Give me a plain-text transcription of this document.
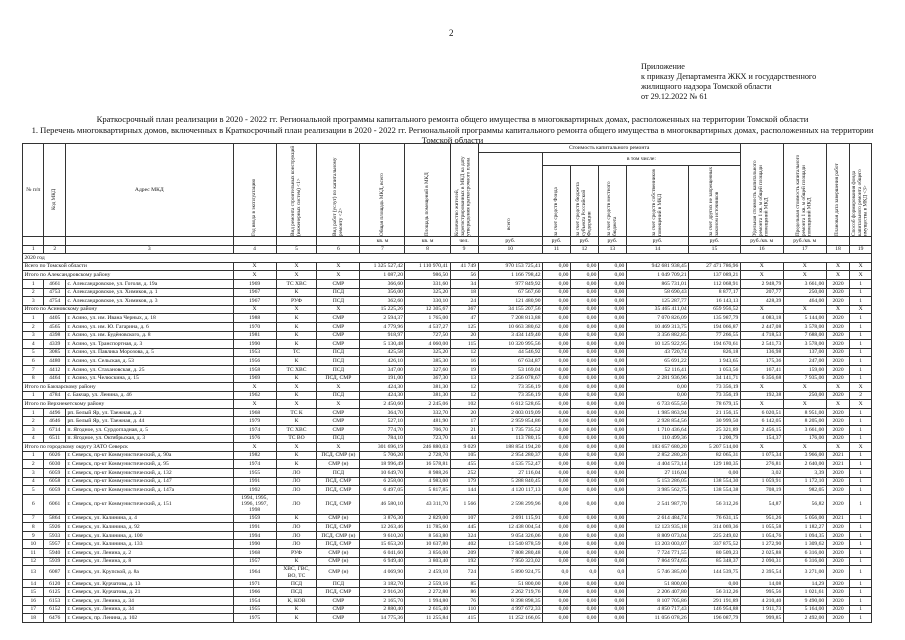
2
Приложение
к приказу Департамента ЖКХ и государственного
жилищного надзора Томской области
от 29.12.2022 № 61
Краткосрочный план реализации в 2020 - 2022 гг. Региональной программы капитального ремонта общего имущества в многоквартирных домах, расположенных на территории Томской области
1. Перечень многоквартирных домов, включенных в Краткосрочный план реализации в 2020 - 2022 гг. Региональной программы капитального ремонта общего имущества в многоквартирных домах, расположенных на территории Томской области
№ п/п	Код МКД	Адрес МКД	Год ввода в эксплуатацию	Вид ремонта строительных конструкций (инженерных систем) <1>	Вид работ (услуг) по капитальному ремонту <2>	Общая площадь МКД, всего	Площадь помещений в МКД	Количество жителей, зарегистрированных в МКД на дату утверждения краткосрочного плана	Стоимость капитального ремонта						Удельная стоимость капитального ремонта 1 кв. м общей площади помещений МКД	Предельная стоимость капитального ремонта 1 кв. м общей площади помещений МКД	Плановая дата завершения работ	Способ формирования фонда капитального ремонта общего имущества в МКД <3>

									всего	в том числе:								

										за счет средств Фонда	за счет средств бюджета субъекта Российской Федерации	за счет средств местного бюджета	за счет средств собственников помещений в МКД	за счет других не запрещенных законом источников				

						кв. м	кв. м	чел.	руб.	руб.	руб.	руб.	руб.	руб.	руб./кв. м	руб./кв. м		
1	2	3	4	5	6	7	8	9	10	11	12	13	14	15	16	17	18	19
2020 год																		
Всего по Томской области			X	X	X	1 325 527,42	1 110 970,41	41 749	970 153 725,41	0,00	0,00	0,00	942 681 938,45	27 471 786,96	X	X	X	X
Итого по Александровскому району			X	X	X	1 087,20	986,50	56	1 166 798,42	0,00	0,00	0,00	1 049 709,21	137 089,21	X	X	X	X
1	4661	с. Александровское, ул. Гоголя, д. 19а	1969	ТС ХВС	СМР	366,60	331,60	34	977 849,92	0,00	0,00	0,00	865 731,01	112 068,91	2 948,79	3 661,00	2020	1
2	4753	с. Александровское, ул. Химиков, д. 1	1967	К	ПСД	356,00	325,20	18	67 567,60	0,00	0,00	0,00	58 690,43	8 877,17	207,77	250,00	2020	1
3	4754	с. Александровское, ул. Химиков, д. 3	1967	РУФ	ПСД	362,60	330,10	24	121 480,90	0,00	0,00	0,00	125 287,77	16 143,13	428,39	464,00	2020	1
Итого по Асиновскому району			X	X	X	15 225,26	12 305,67	367	34 155 207,56	0,00	0,00	0,00	35 465 411,04	659 956,52	X	X	X	X
1	4405	г. Асино, ул. им. Ивана Черных, д. 18	1988	К	СМР	2 594,37	1 765,00	47	7 208 813,88	0,00	0,00	0,00	7 070 826,09	135 987,79	4 083,18	5 144,00	2020	1
2	4565	г. Асино, ул. им. Ю. Гагарина, д. 6	1970	К	СМР	4 779,96	4 537,27	125	10 663 380,62	0,00	0,00	0,00	10 469 313,75	194 066,87	2 447,08	3 578,00	2020	1
3	4398	г. Асино, ул. им. Будёновского, д. 8	1981	К	СМР	918,97	727,50	20	3 434 149,40	0,00	0,00	0,00	3 356 882,85	77 266,55	4 718,53	7 688,00	2020	1
4	4339	г. Асино, ул. Транспортная, д. 3	1990	К	СМР	5 130,48	4 060,00	115	10 320 995,56	0,00	0,00	0,00	10 125 922,95	194 670,61	2 541,73	3 578,00	2020	1
5	3085	г. Асино, ул. Павлика Морозова, д. 5	1953	ТС	ПСД	425,58	325,20	12	44 546,92	0,00	0,00	0,00	43 720,74	826,18	136,98	137,00	2020	1
6	4480	г. Асино, ул. Сельская, д. 53	1956	К	ПСД	426,10	385,30	16	67 634,87	0,00	0,00	0,00	65 691,22	1 943,65	175,36	247,00	2020	1
7	4412	г. Асино, ул. Стахановская, д. 25	1958	ТС ХВС	ПСД	347,00	327,60	19	53 169,04	0,00	0,00	0,00	52 116,41	1 053,56	167,41	159,00	2020	1
8	4464	г. Асино, ул. Челюскина, д. 15	1969	К	ПСД, СМР	191,00	367,30	13	2 356 078,67	0,00	0,00	0,00	2 281 936,96	34 141,71	6 356,68	7 935,00	2020	1
Итого по Бакчарскому району			X	X	X	424,30	381,30	12	73 356,19	0,00	0,00	0,00	0,00	73 356,19	X	X	X	X
1	4784	с. Бакчар, ул. Ленина, д. 46	1962	К	ПСД	424,30	381,30	12	73 356,19	0,00	0,00	0,00	0,00	73 356,19	192,38	250,00	2020	2
Итого по Верхнекетскому району			X	X	X	2 450,60	2 245,06	102	6 612 528,65	0,00	0,00	0,00	6 733 655,50	78 679,15	X	X	X	X
1	4496	рп. Белый Яр, ул. Таежная, д. 2	1968	ТС К	СМР	364,70	332,70	20	2 003 019,09	0,00	0,00	0,00	1 985 863,94	21 156,15	6 020,51	8 951,00	2020	1
2	4646	рп. Белый Яр, ул. Таежная, д. 44	1979	К	СМР	527,10	481,90	17	2 959 854,86	0,00	0,00	0,00	2 928 854,56	30 999,50	6 142,05	8 205,00	2020	1
3	6714	п. Ягодное, ул. Сурдогладная, д. 5	1974	ТС ХВС	СМР	774,70	706,70	21	1 735 735,52	0,00	0,00	0,00	1 710 436,64	25 321,89	2 456,15	3 661,00	2020	1
4	6511	п. Ягодное, ул. Октябрьская, д. 3	1976	ТС ВО	ПСД	784,10	723,70	44	113 780,15	0,00	0,00	0,00	110 499,36	1 200,79	154,37	176,00	2020	1
Итого по городскому округу ЗАТО Северск			X	X	X	301 696,19	246 880,03	9 029	188 854 194,20	0,00	0,00	0,00	183 657 680,20	5 207 514,00	X	X	X	X
1	6026	г. Северск, пр-кт Коммунистический, д. 90а	1982	К	ПСД, СМР (н)	5 706,20	2 728,70	105	2 954 280,37	0,00	0,00	0,00	2 852 280,26	82 065,31	1 075,34	3 966,00	2021	1
2	6030	г. Северск, пр-кт Коммунистический, д. 95	1974	К	СМР (н)	18 996,49	16 578,81	455	4 535 752,47	0,00	0,00	0,00	4 404 573,14	129 180,35	276,81	2 640,00	2021	1
3	6059	г. Северск, пр-кт Коммунистический, д. 132	1955	ЛО	ПСД	10 649,70	8 988,26	252	27 116,04	0,00	0,00	0,00	27 116,04	0,00	3,02	3,39	2020	1
4	6058	г. Северск, пр-кт Коммунистический, д. 147	1991	ЛО	ПСД, СМР	6 258,00	4 983,00	179	5 288 840,45	0,00	0,00	0,00	5 153 286,05	138 554,30	1 059,91	1 172,10	2020	1
5	6059	г. Северск, пр-кт Коммунистический, д. 147а	1992	ЛО	ПСД, СМР	6 497,05	5 817,85	144	4 120 117,13	0,00	0,00	0,00	3 985 562,75	138 554,38	708,19	982,05	2020	1
6	6061	г. Северск, пр-кт Коммунистический, д. 151	1994, 1995, 1996, 1997, 1998	ЛО	ПСД, СМР	46 580,10	43 311,70	1 566	2 598 299,96	0,00	0,00	0,00	2 541 987,70	56 312,26	54,87	56,82	2020	1
7	5864	г. Северск, ул. Калинина, д. 4	1959	К	СМР (н)	3 876,30	2 829,00	107	2 691 115,91	0,00	0,00	0,00	2 614 484,74	76 631,15	951,26	5 056,00	2021	1
8	5926	г. Северск, ул. Калинина, д. 92	1991	ЛО	ПСД, СМР	12 263,46	11 785,60	445	12 438 004,54	0,00	0,00	0,00	12 123 935,18	314 069,36	1 055,58	1 182,27	2020	1
9	5933	г. Северск, ул. Калинина, д. 100	1994	ЛО	ПСД, СМР (н)	9 610,20	8 563,80	324	9 054 326,06	0,00	0,00	0,00	8 809 073,04	225 249,02	1 054,76	1 094,35	2020	1
10	5957	г. Северск, ул. Калинина, д. 133	1990	ЛО	ПСД, СМР	15 653,20	10 637,80	402	13 540 878,59	0,00	0,00	0,00	13 203 003,07	337 875,52	1 272,90	1 309,62	2020	1
11	5940	г. Северск, ул. Ленина, д. 2	1968	РУФ	СМР (н)	6 041,60	3 856,00	209	7 808 280,48	0,00	0,00	0,00	7 724 771,55	80 509,23	2 025,88	6 316,00	2020	1
12	5939	г. Северск, ул. Ленина, д. 8	1957	К	СМР (н)	6 949,40	3 803,40	192	7 950 323,02	0,00	0,00	0,00	7 864 974,65	85 348,37	2 090,31	6 316,00	2020	1
13	6087	г. Северск, ул. Крупской, д. 8а	1964	ХВС, ГВС, ВО, ТС	СМР (н)	4 069,90	2 459,10	724	5 890 924,75	0,0	0,0	0,0	5 746 385,00	144 539,75	2 395,54	3 271,00	2020	1
14	6120	г. Северск, ул. Курчатова, д. 13	1971	ПСД	ПСД	3 182,70	2 559,16	85	51 800,00	0,00	0,00	0,00	51 800,00	0,00	14,08	14,29	2020	1
15	6125	г. Северск, ул. Курчатова, д. 21	1966	ПСД	ПСД, СМР	2 916,20	2 272,80	86	2 262 719,76	0,00	0,00	0,00	2 206 407,80	56 312,26	995,56	1 021,61	2020	1
16	6153	г. Северск, ул. Ленина, д. 34	1954	К, КОВ	СМР	2 165,70	1 994,80	76	8 398 898,35	0,00	0,00	0,00	8 107 705,86	291 191,89	4 210,40	9 490,00	2020	1
17	6152	г. Северск, ул. Ленина, д. 34	1955	К	СМР	2 880,40	2 615,40	110	4 997 672,33	0,00	0,00	0,00	4 850 717,43	146 954,88	1 911,73	5 164,00	2020	1
18	6476	г. Северск, пр. Ленина, д. 102	1975	К	СМР	14 775,36	11 255,84	415	11 252 166,05	0,00	0,00	0,00	11 056 078,26	196 087,79	999,85	2 492,00	2020	1
